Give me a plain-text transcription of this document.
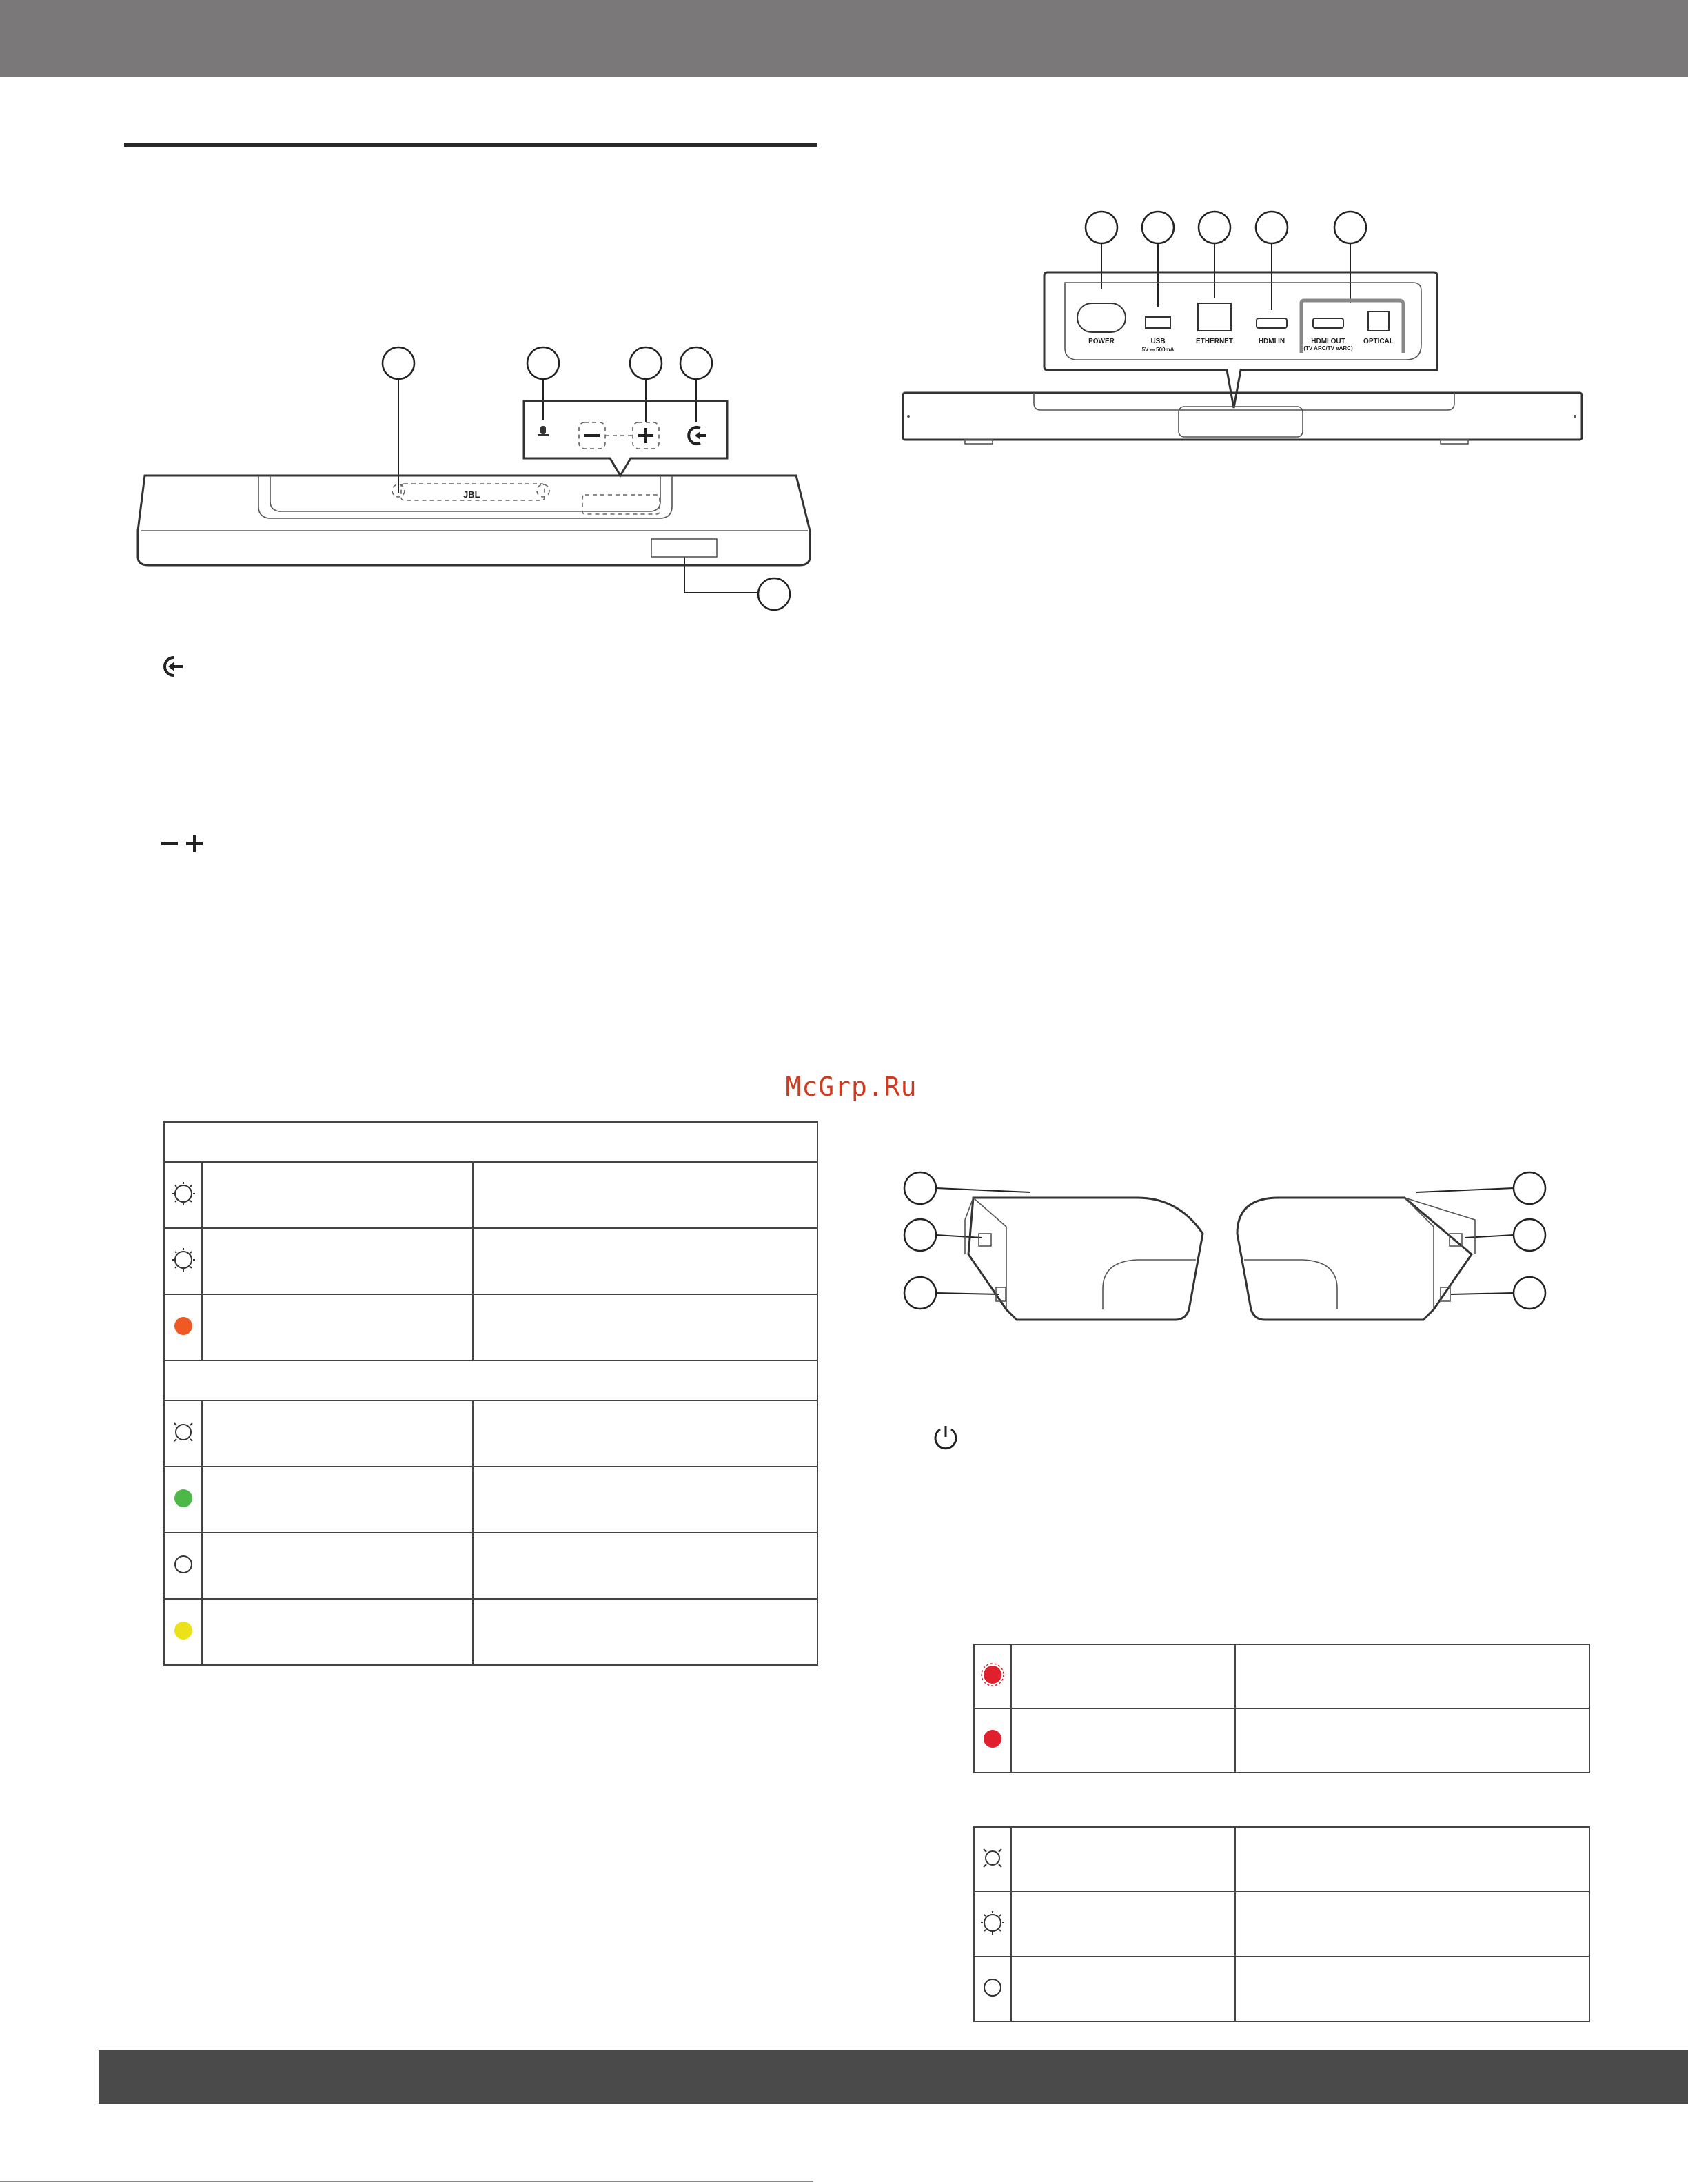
JBL
POWER	USB
5V ⎓ 500mA
ETHERNET	HDMI IN	HDMI OUT
(TV ARC/TV eARC)
OPTICAL
McGrp.Ru
